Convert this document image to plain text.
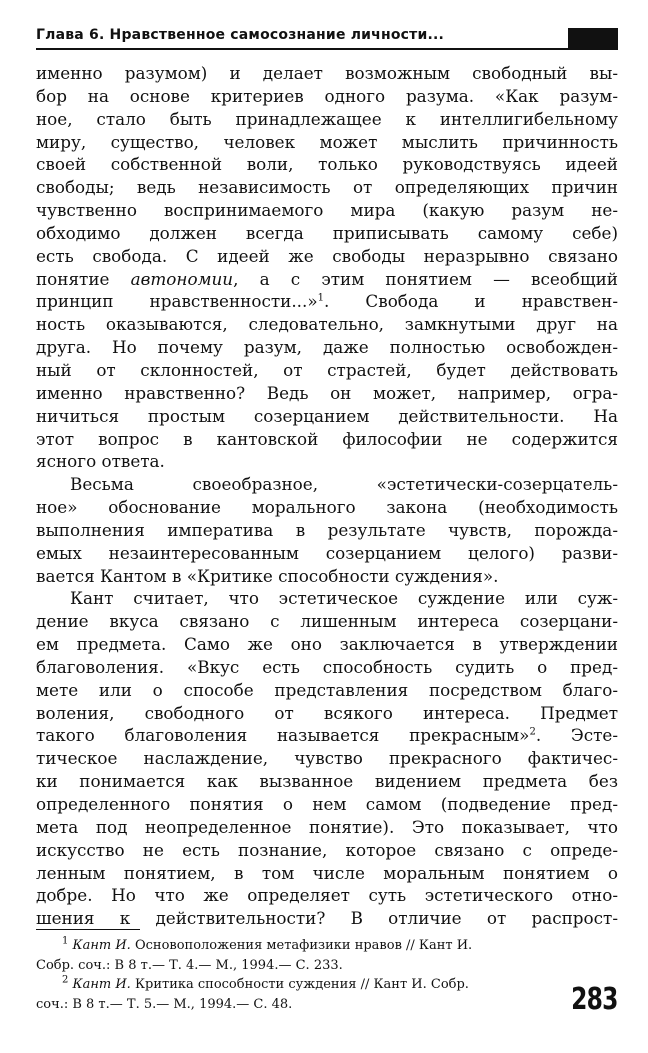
Глава 6. Нравственное самосознание личности...
именно разумом) и делает возможным свободный вы-
бор на основе критериев одного разума. «Как разум-
ное, стало быть принадлежащее к интеллигибельному
миру, существо, человек может мыслить причинность
своей собственной воли, только руководствуясь идеей
свободы; ведь независимость от определяющих причин
чувственно воспринимаемого мира (какую разум не-
обходимо должен всегда приписывать самому себе)
есть свобода. С идеей же свободы неразрывно связано
понятие автономии, а с этим понятием — всеобщий
принцип нравственности...»$^1$. Свобода и нравствен-
ность оказываются, следовательно, замкнутыми друг на
друга. Но почему разум, даже полностью освобожден-
ный от склонностей, от страстей, будет действовать
именно нравственно? Ведь он может, например, огра-
ничиться простым созерцанием действительности. На
этот вопрос в кантовской философии не содержится
ясного ответа.
Весьма своеобразное, «эстетически-созерцатель-
ное» обоснование морального закона (необходимость
выполнения императива в результате чувств, порожда-
емых незаинтересованным созерцанием целого) разви-
вается Кантом в «Критике способности суждения».
Кант считает, что эстетическое суждение или суж-
дение вкуса связано с лишенным интереса созерцани-
ем предмета. Само же оно заключается в утверждении
благоволения. «Вкус есть способность судить о пред-
мете или о способе представления посредством благо-
воления, свободного от всякого интереса. Предмет
такого благоволения называется прекрасным»$^2$. Эсте-
тическое наслаждение, чувство прекрасного фактичес-
ки понимается как вызванное видением предмета без
определенного понятия о нем самом (подведение пред-
мета под неопределенное понятие). Это показывает, что
искусство не есть познание, которое связано с опреде-
ленным понятием, в том числе моральным понятием о
добре. Но что же определяет суть эстетического отно-
шения к действительности? В отличие от распрост-
$^1$ Кант И. Основоположения метафизики нравов // Кант И.
Собр. соч.: В 8 т.— Т. 4.— М., 1994.— С. 233.
$^2$ Кант И. Критика способности суждения // Кант И. Собр.
соч.: В 8 т.— Т. 5.— М., 1994.— С. 48.	283
